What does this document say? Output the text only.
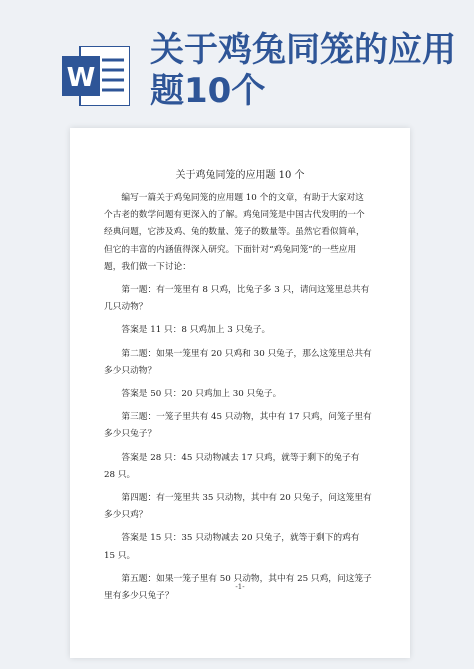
W
关于鸡兔同笼的应用题10个
关于鸡兔同笼的应用题 10 个

编写一篇关于鸡兔同笼的应用题 10 个的文章，有助于大家对这个古老的数学问题有更深入的了解。鸡兔同笼是中国古代发明的一个经典问题，它涉及鸡、兔的数量、笼子的数量等。虽然它看似简单，但它的丰富的内涵值得深入研究。下面针对“鸡兔同笼”的一些应用题，我们做一下讨论：

第一题：有一笼里有 8 只鸡，比兔子多 3 只，请问这笼里总共有几只动物？

答案是 11 只：8 只鸡加上 3 只兔子。

第二题：如果一笼里有 20 只鸡和 30 只兔子，那么这笼里总共有多少只动物？

答案是 50 只：20 只鸡加上 30 只兔子。

第三题：一笼子里共有 45 只动物，其中有 17 只鸡，问笼子里有多少只兔子？

答案是 28 只：45 只动物减去 17 只鸡，就等于剩下的兔子有 28 只。

第四题：有一笼里共 35 只动物，其中有 20 只兔子，问这笼里有多少只鸡？

答案是 15 只：35 只动物减去 20 只兔子，就等于剩下的鸡有 15 只。

第五题：如果一笼子里有 50 只动物，其中有 25 只鸡，问这笼子里有多少只兔子？

-1-
